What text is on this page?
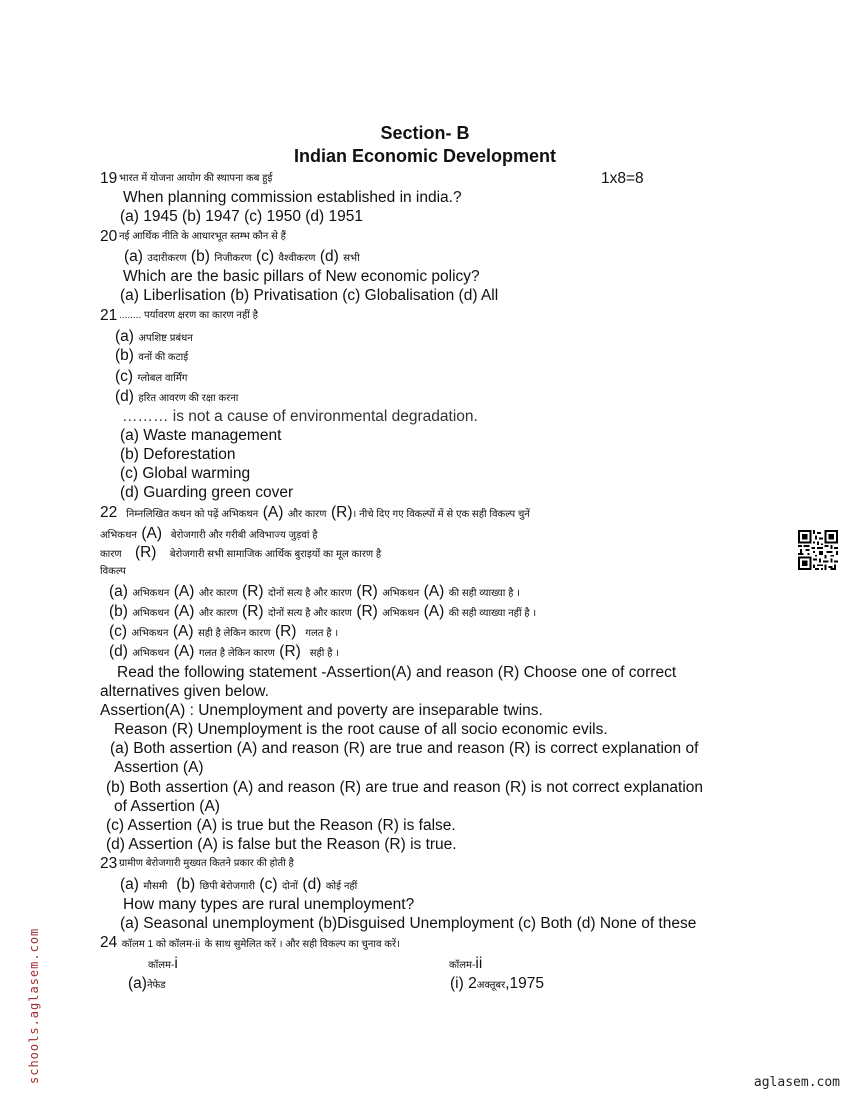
Section- B
Indian Economic Development
19 भारत में योजना आयोग की स्थापना कब हुई	1x8=8
When planning commission established in india.?
(a) 1945 (b) 1947 (c) 1950 (d) 1951
20 नई आर्थिक नीति के आधारभूत स्तम्भ कौन से हैं
(a) उदारीकरण (b) निजीकरण (c) वैश्वीकरण (d) सभी
Which are the basic pillars of New economic policy?
(a) Liberlisation (b) Privatisation (c) Globalisation (d) All
21 ........ पर्यावरण क्षरण का कारण नहीं है
(a) अपशिष्ट प्रबंधन
(b) वनों की कटाई
(c) ग्लोबल वार्मिंग
(d) हरित आवरण की रक्षा करना
……… is not a cause of environmental degradation.
(a) Waste management
(b) Deforestation
(c) Global warming
(d) Guarding green cover
22 निम्नलिखित कथन को पढ़ें अभिकथन (A) और कारण (R)। नीचे दिए गए विकल्पों में से एक सही विकल्प चुनें
अभिकथन (A) बेरोजगारी और गरीबी अविभाज्य जुड़वां है
कारण (R) बेरोजगारी सभी सामाजिक आर्थिक बुराइयों का मूल कारण है
विकल्प
(a) अभिकथन (A) और कारण (R) दोनों सत्य है और कारण (R) अभिकथन (A) की सही व्याख्या है ।
(b) अभिकथन (A) और कारण (R) दोनों सत्य है और कारण (R) अभिकथन (A) की सही व्याख्या नहीं है ।
(c) अभिकथन (A) सही है लेकिन कारण (R) गलत है ।
(d) अभिकथन (A) गलत है लेकिन कारण (R) सही है ।
Read the following statement -Assertion(A) and reason (R) Choose one of correct
alternatives given below.
Assertion(A) : Unemployment and poverty are inseparable twins.
Reason (R) Unemployment is the root cause of all socio economic evils.
(a) Both assertion (A) and reason (R) are true and reason (R) is correct explanation of
Assertion (A)
(b) Both assertion (A) and reason (R) are true and reason (R) is not correct explanation
of Assertion (A)
(c) Assertion (A) is true but the Reason (R) is false.
(d) Assertion (A) is false but the Reason (R) is true.
23 ग्रामीण बेरोजगारी मुख्यत कितने प्रकार की होती है
(a) मौसमी (b) छिपी बेरोजगारी (c) दोनों (d) कोई नहीं
How many types are rural unemployment?
(a) Seasonal unemployment (b)Disguised Unemployment (c) Both (d) None of these
24 कॉलम 1 को कॉलम-ii के साथ सुमेलित करें । और सही विकल्प का चुनाव करें।
कॉलम-i	कॉलम-ii
(a)नेफेड	(i) 2अक्तूबर,1975
schools.aglasem.com	aglasem.com
